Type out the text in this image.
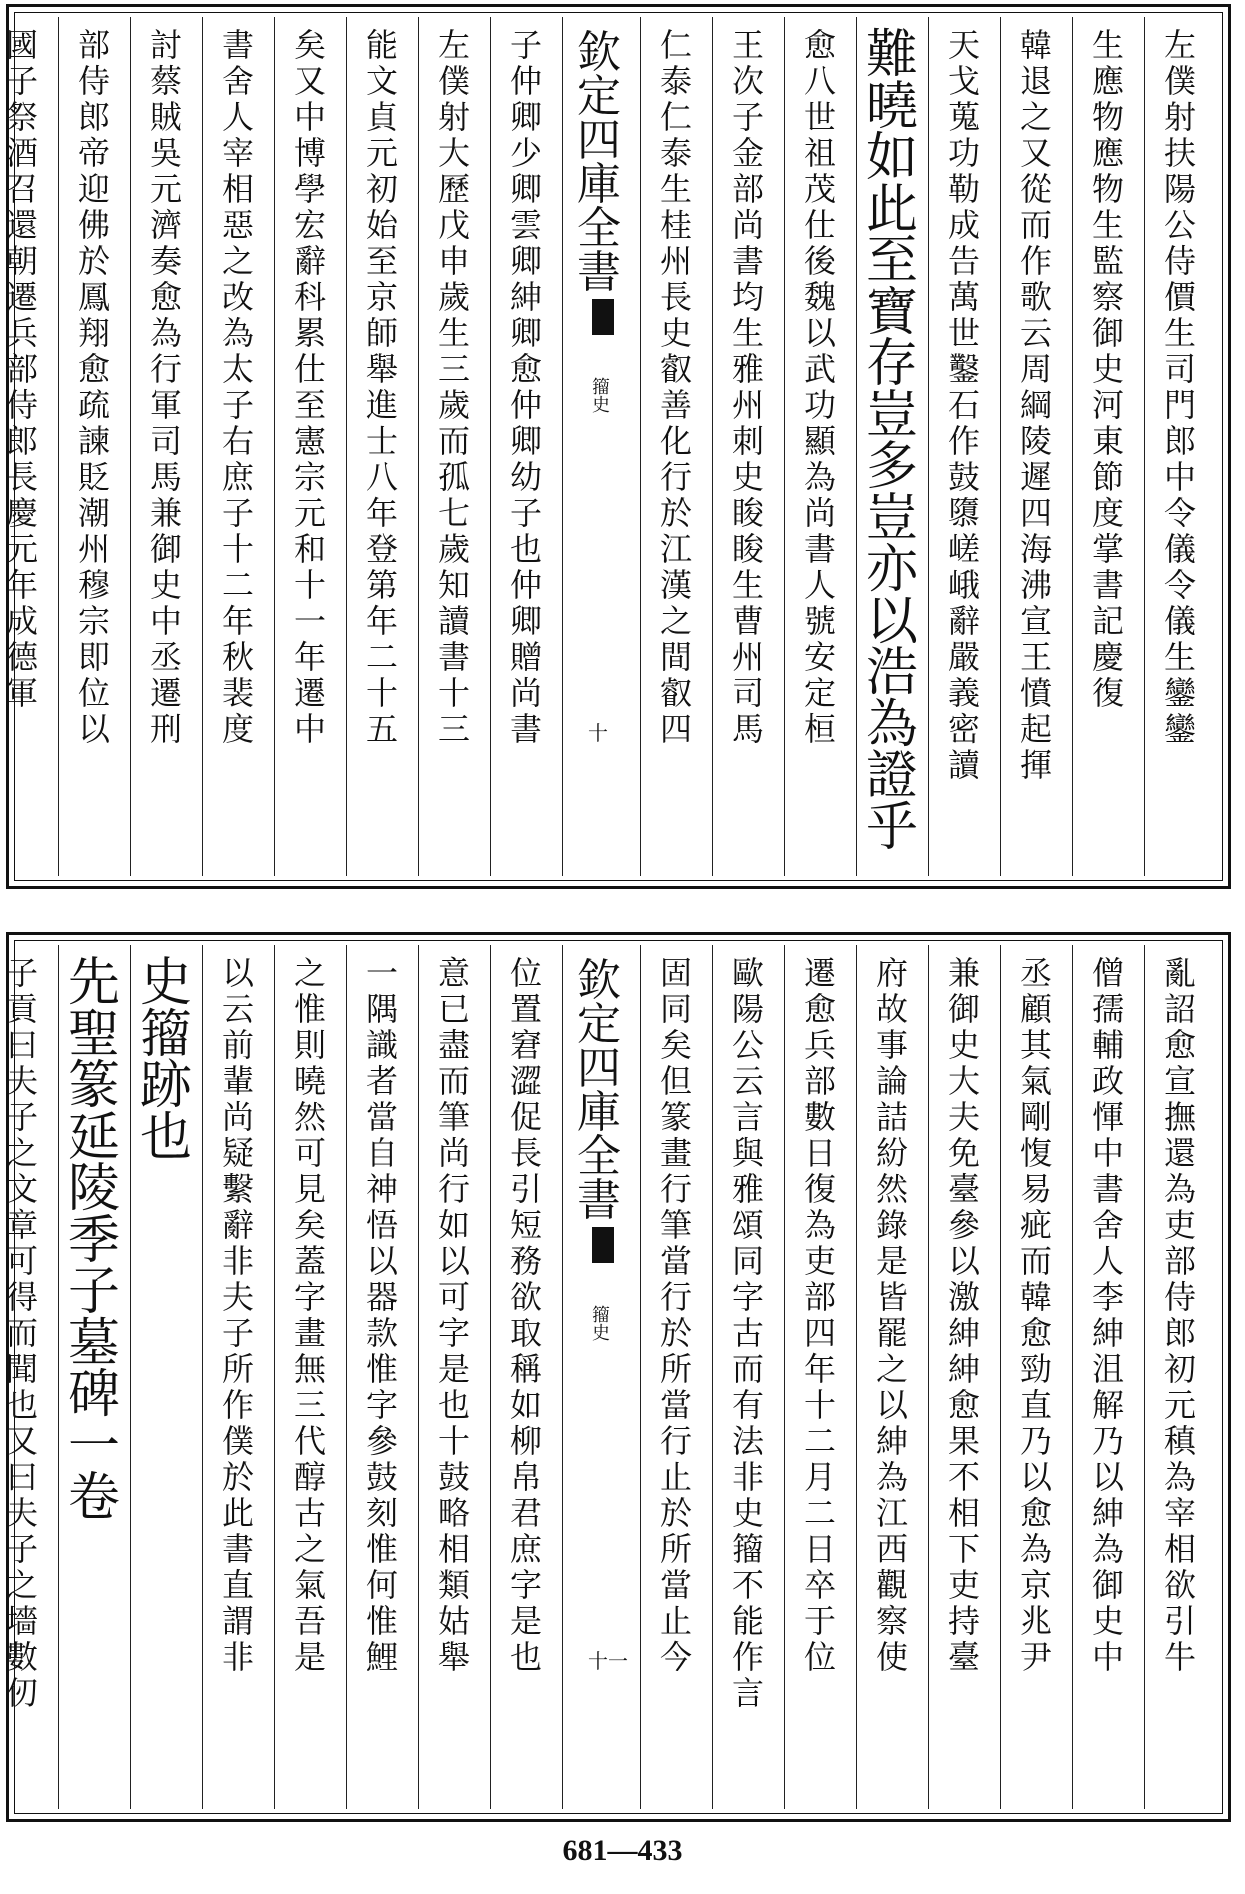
左
僕
射
扶
陽
公
侍
價
生
司
門
郎
中
令
儀
令
儀
生
鑾
鑾
生
應
物
應
物
生
監
察
御
史
河
東
節
度
掌
書
記
慶
復
韓
退
之
又
從
而
作
歌
云
周
綱
陵
遲
四
海
沸
宣
王
憤
起
揮
天
戈
蒐
功
勒
成
告
萬
世
鑿
石
作
鼓
隳
嵯
峨
辭
嚴
義
密
讀
難
曉
如
此
至
寶
存
豈
多
豈
亦
以
浩
為
證
乎
愈
八
世
祖
茂
仕
後
魏
以
武
功
顯
為
尚
書
人
號
安
定
桓
王
次
子
金
部
尚
書
均
生
雅
州
刺
史
睃
睃
生
曹
州
司
馬
仁
泰
仁
泰
生
桂
州
長
史
叡
善
化
行
於
江
漢
之
間
叡
四
欽
定
四
庫
全
書
籀史
十
子
仲
卿
少
卿
雲
卿
紳
卿
愈
仲
卿
幼
子
也
仲
卿
贈
尚
書
左
僕
射
大
歷
戊
申
歲
生
三
歲
而
孤
七
歲
知
讀
書
十
三
能
文
貞
元
初
始
至
京
師
舉
進
士
八
年
登
第
年
二
十
五
矣
又
中
博
學
宏
辭
科
累
仕
至
憲
宗
元
和
十
一
年
遷
中
書
舍
人
宰
相
惡
之
改
為
太
子
右
庶
子
十
二
年
秋
裴
度
討
蔡
賊
吳
元
濟
奏
愈
為
行
軍
司
馬
兼
御
史
中
丞
遷
刑
部
侍
郎
帝
迎
佛
於
鳳
翔
愈
疏
諫
貶
潮
州
穆
宗
即
位
以
國
子
祭
酒
召
還
朝
遷
兵
部
侍
郎
長
慶
元
年
成
德
軍
亂
詔
愈
宣
撫
還
為
吏
部
侍
郎
初
元
稹
為
宰
相
欲
引
牛
僧
孺
輔
政
惲
中
書
舍
人
李
紳
沮
解
乃
以
紳
為
御
史
中
丞
顧
其
氣
剛
愎
易
疵
而
韓
愈
勁
直
乃
以
愈
為
京
兆
尹
兼
御
史
大
夫
免
臺
參
以
激
紳
紳
愈
果
不
相
下
吏
持
臺
府
故
事
論
詰
紛
然
錄
是
皆
罷
之
以
紳
為
江
西
觀
察
使
遷
愈
兵
部
數
日
復
為
吏
部
四
年
十
二
月
二
日
卒
于
位
歐
陽
公
云
言
與
雅
頌
同
字
古
而
有
法
非
史
籀
不
能
作
言
固
同
矣
但
篆
畫
行
筆
當
行
於
所
當
行
止
於
所
當
止
今
欽
定
四
庫
全
書
籀史
十一
位
置
窘
澀
促
長
引
短
務
欲
取
稱
如
柳
帛
君
庶
字
是
也
意
已
盡
而
筆
尚
行
如
以
可
字
是
也
十
鼓
略
相
類
姑
舉
一
隅
識
者
當
自
神
悟
以
器
款
惟
字
參
鼓
刻
惟
何
惟
鯉
之
惟
則
曉
然
可
見
矣
蓋
字
畫
無
三
代
醇
古
之
氣
吾
是
以
云
前
輩
尚
疑
繫
辭
非
夫
子
所
作
僕
於
此
書
直
謂
非
史
籀
跡
也
先
聖
篆
延
陵
季
子
墓
碑
一
卷
子
貢
曰
夫
子
之
文
章
可
得
而
聞
也
又
曰
夫
子
之
墻
數
仞
681—433
